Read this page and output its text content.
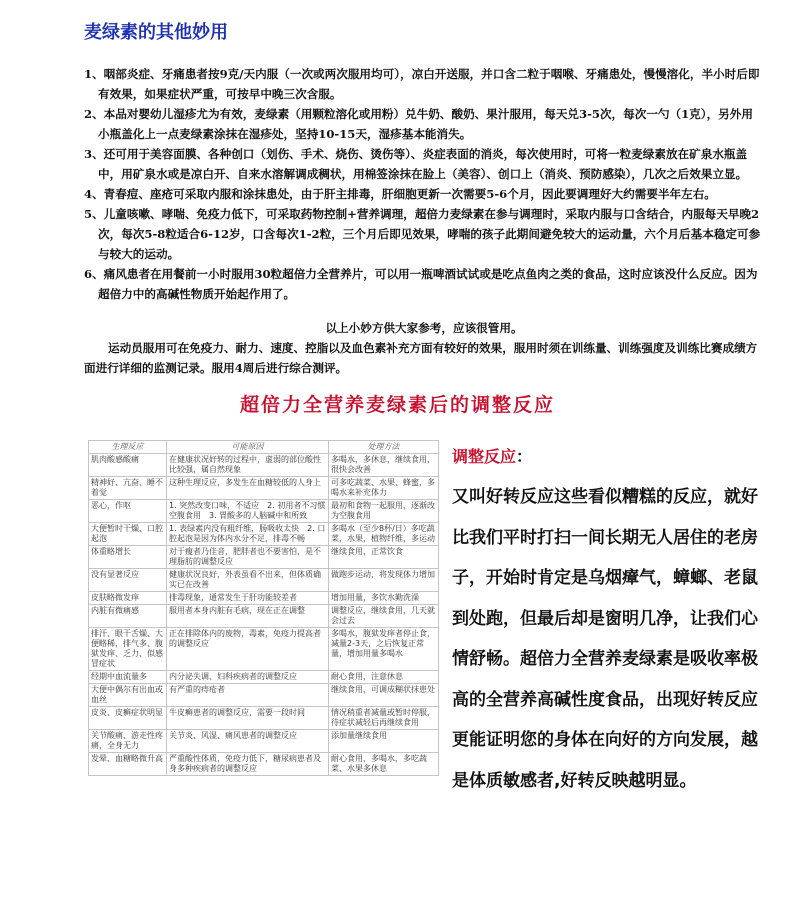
麦绿素的其他妙用
1、咽部炎症、牙痛患者按9克/天内服（一次或两次服用均可），凉白开送服，并口含二粒于咽喉、牙痛患处，慢慢溶化，半小时后即有效果，如果症状严重，可按早中晚三次含服。
2、本品对婴幼儿湿疹尤为有效，麦绿素（用颗粒溶化或用粉）兑牛奶、酸奶、果汁服用，每天兑3-5次，每次一勺（1克），另外用小瓶盖化上一点麦绿素涂抹在湿疹处，坚持10-15天，湿疹基本能消失。
3、还可用于美容面膜、各种创口（划伤、手术、烧伤、烫伤等）、炎症表面的消炎，每次使用时，可将一粒麦绿素放在矿泉水瓶盖中，用矿泉水或是凉白开、自来水溶解调成稠状，用棉签涂抹在脸上（美容）、创口上（消炎、预防感染），几次之后效果立显。
4、青春痘、座疮可采取内服和涂抹患处，由于肝主排毒，肝细胞更新一次需要5-6个月，因此要调理好大约需要半年左右。
5、儿童咳嗽、哮喘、免疫力低下，可采取药物控制+营养调理，超倍力麦绿素在参与调理时，采取内服与口含结合，内服每天早晚2次，每次5-8粒适合6-12岁，口含每次1-2粒，三个月后即见效果，哮喘的孩子此期间避免较大的运动量，六个月后基本稳定可参与较大的运动。
6、痛风患者在用餐前一小时服用30粒超倍力全营养片，可以用一瓶啤酒试试或是吃点鱼肉之类的食品，这时应该没什么反应。因为超倍力中的高碱性物质开始起作用了。
以上小妙方供大家参考，应该很管用。
运动员服用可在免疫力、耐力、速度、控脂以及血色素补充方面有较好的效果，服用时须在训练量、训练强度及训练比赛成绩方面进行详细的监测记录。服用4周后进行综合测评。
超倍力全营养麦绿素后的调整反应
生理反应	可能原因	处理方法
肌肉酸感酸痛	在健康状况好转的过程中，虚弱的部位酸性比较强，属自然现象	多喝水，多休息，继续食用，很快会改善
精神好、亢奋、睡不着觉	这种生理反应，多发生在血糖较低的人身上	可多吃蔬菜、水果、蜂蜜，多喝水来补充体力
恶心，作呕	1. 突然改变口味，不适应　2. 初用者不习惯空腹食用　3. 胃酸多的人脑碱中和所致	最初和食物一起服用，逐渐改为空腹食用
大便暂时干燥、口腔起泡	1. 表绿素内没有粗纤维，肠吸收太快　2. 口腔起泡是因为体内水分不足，排毒不畅	多喝水（至少8杯/日）多吃蔬菜，水果，植物纤维，多运动
体重略增长	对于瘦者乃佳音，肥胖者也不要害怕，是不理脂肪的调整反应	继续食用，正常饮食
没有显著反应	健康状况良好，外表虽看不出来，但体质确实已在改善	做跑步运动，将发现体力增加
皮肤略微发痒	排毒现象，通常发生于肝功能较差者	增加用量，多饮水勤洗澡
内脏有微痛感	服用者本身内脏有毛病，现在正在调整	调整反应，继续食用，几天就会过去
排汗、眼干舌燥、大便略稀，排气多、腹狱发痒、乏力、似感冒症状	正在排除体内的废物，毒素，免疫力提高者的调整反应	多喝水，腹狱发痒者停止食，减量2-3天，之后恢复正常量，增加用量多喝水
经期中血流量多	内分泌失调、妇科疾病者的调整反应	耐心食用，注意休息
大便中偶尔有出血或血丝	有严重的痔疮者	继续食用，可调成糊状抹患处
皮炎、皮癣症状明显	牛皮癣患者的调整反应，需要一段时间	情况稍重者减量或暂时停服，待症状减轻后再继续食用
关节酸痛、游走性疼痛，全身无力	关节炎、风湿、痛风患者的调整反应	添加量继续食用
发晕、血糖略微升高	严重酸性体质，免疫力低下，糖尿病患者及身多种疾病者的调整反应	耐心食用，多喝水，多吃蔬菜、水果多休息
调整反应：

又叫好转反应这些看似糟糕的反应，就好比我们平时打扫一间长期无人居住的老房子，开始时肯定是乌烟瘴气，蟑螂、老鼠到处跑，但最后却是窗明几净，让我们心情舒畅。超倍力全营养麦绿素是吸收率极高的全营养高碱性度食品，出现好转反应更能证明您的身体在向好的方向发展，越是体质敏感者,好转反映越明显。
